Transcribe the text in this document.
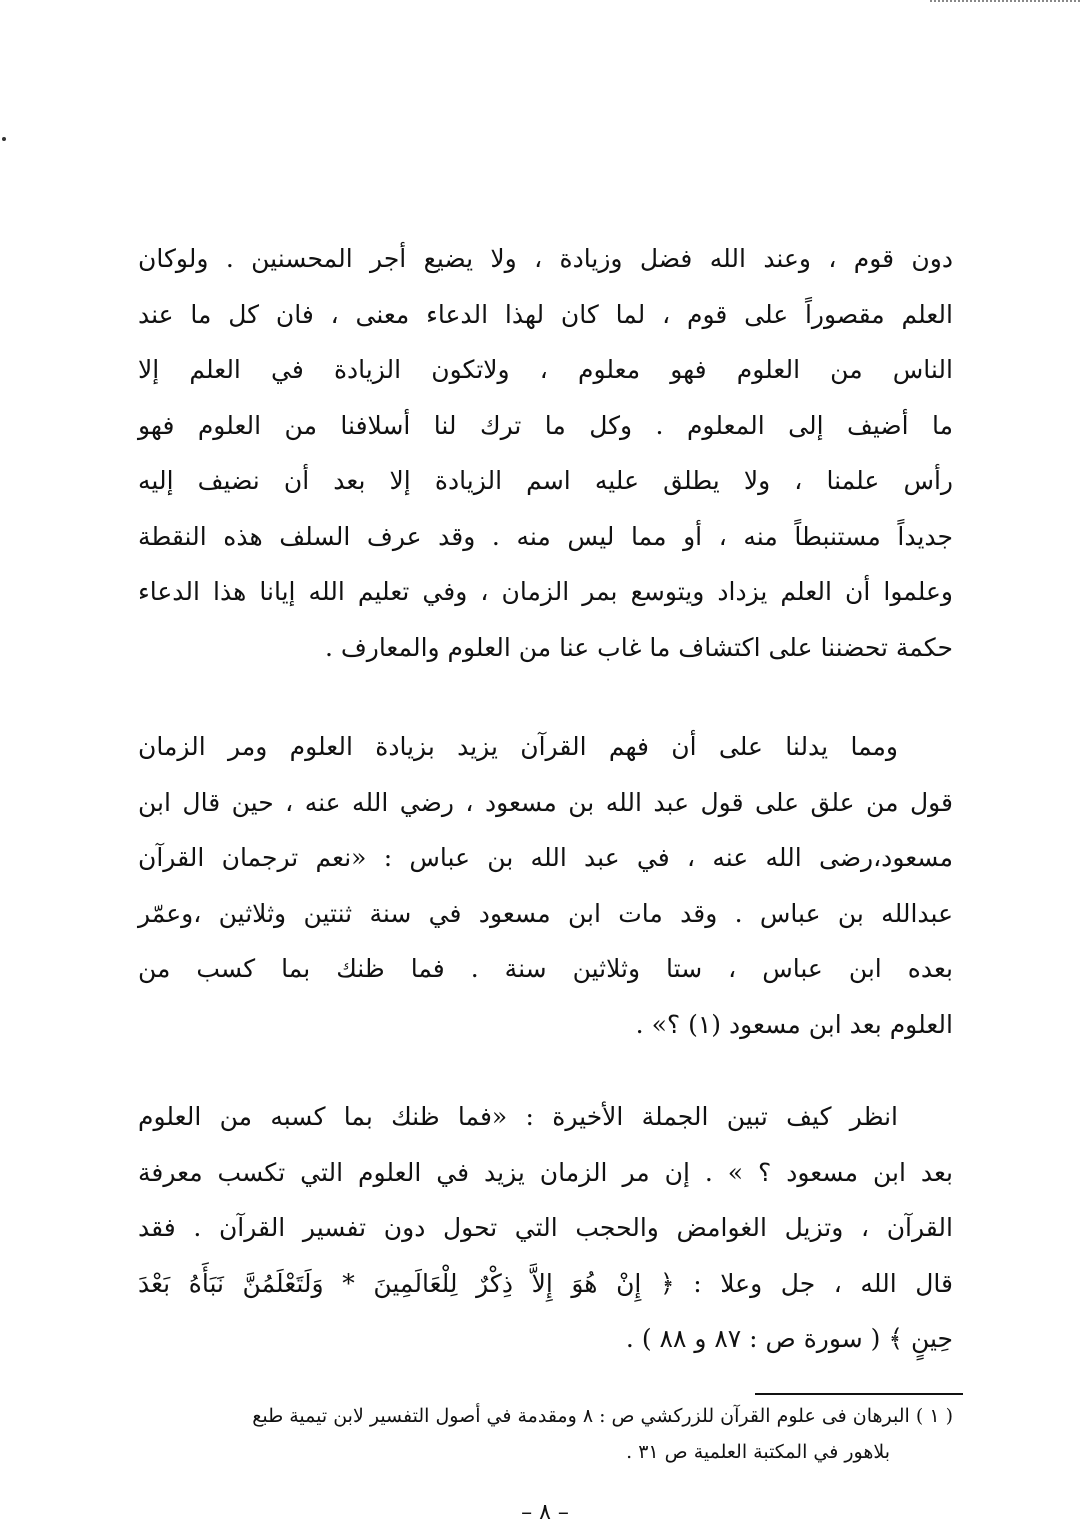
دون قوم ، وعند الله فضل وزيادة ، ولا يضيع أجر المحسنين . ولوكان
العلم مقصوراً على قوم ، لما كان لهذا الدعاء معنى ، فان كل ما عند
الناس من العلوم فهو معلوم ، ولاتكون الزيادة في العلم إلا
ما أضيف إلى المعلوم . وكل ما ترك لنا أسلافنا من العلوم فهو
رأس علمنا ، ولا يطلق عليه اسم الزيادة إلا بعد أن نضيف إليه
جديداً مستنبطاً منه ، أو مما ليس منه . وقد عرف السلف هذه النقطة
وعلموا أن العلم يزداد ويتوسع بمر الزمان ، وفي تعليم الله إيانا هذا الدعاء
حكمة تحضننا على اكتشاف ما غاب عنا من العلوم والمعارف .

ومما يدلنا على أن فهم القرآن يزيد بزيادة العلوم ومر الزمان
قول من علق على قول عبد الله بن مسعود ، رضي الله عنه ، حين قال ابن
مسعود،رضى الله عنه ، في عبد الله بن عباس : «نعم ترجمان القرآن
عبدالله بن عباس . وقد مات ابن مسعود في سنة ثنتين وثلاثين ،وعمّر
بعده ابن عباس ، ستا وثلاثين سنة . فما ظنك بما كسب من
العلوم بعد ابن مسعود (١) ؟» .

انظر كيف تبين الجملة الأخيرة : «فما ظنك بما كسبه من العلوم
بعد ابن مسعود ؟ » . إن مر الزمان يزيد في العلوم التي تكسب معرفة
القرآن ، وتزيل الغوامض والحجب التي تحول دون تفسير القرآن . فقد
قال الله ، جل وعلا : ﴿ إِنْ هُوَ إِلاَّ ذِكْرٌ لِلْعَالَمِينَ * وَلَتَعْلَمُنَّ نَبَأَهُ بَعْدَ
حِينٍ ﴾ ( سورة ص : ٨٧ و ٨٨ ) .

( ١ ) البرهان فى علوم القرآن للزركشي ص : ٨ ومقدمة في أصول التفسير لابن تيمية طبع
بلاهور في المكتبة العلمية ص ٣١ .

– ٨ –
